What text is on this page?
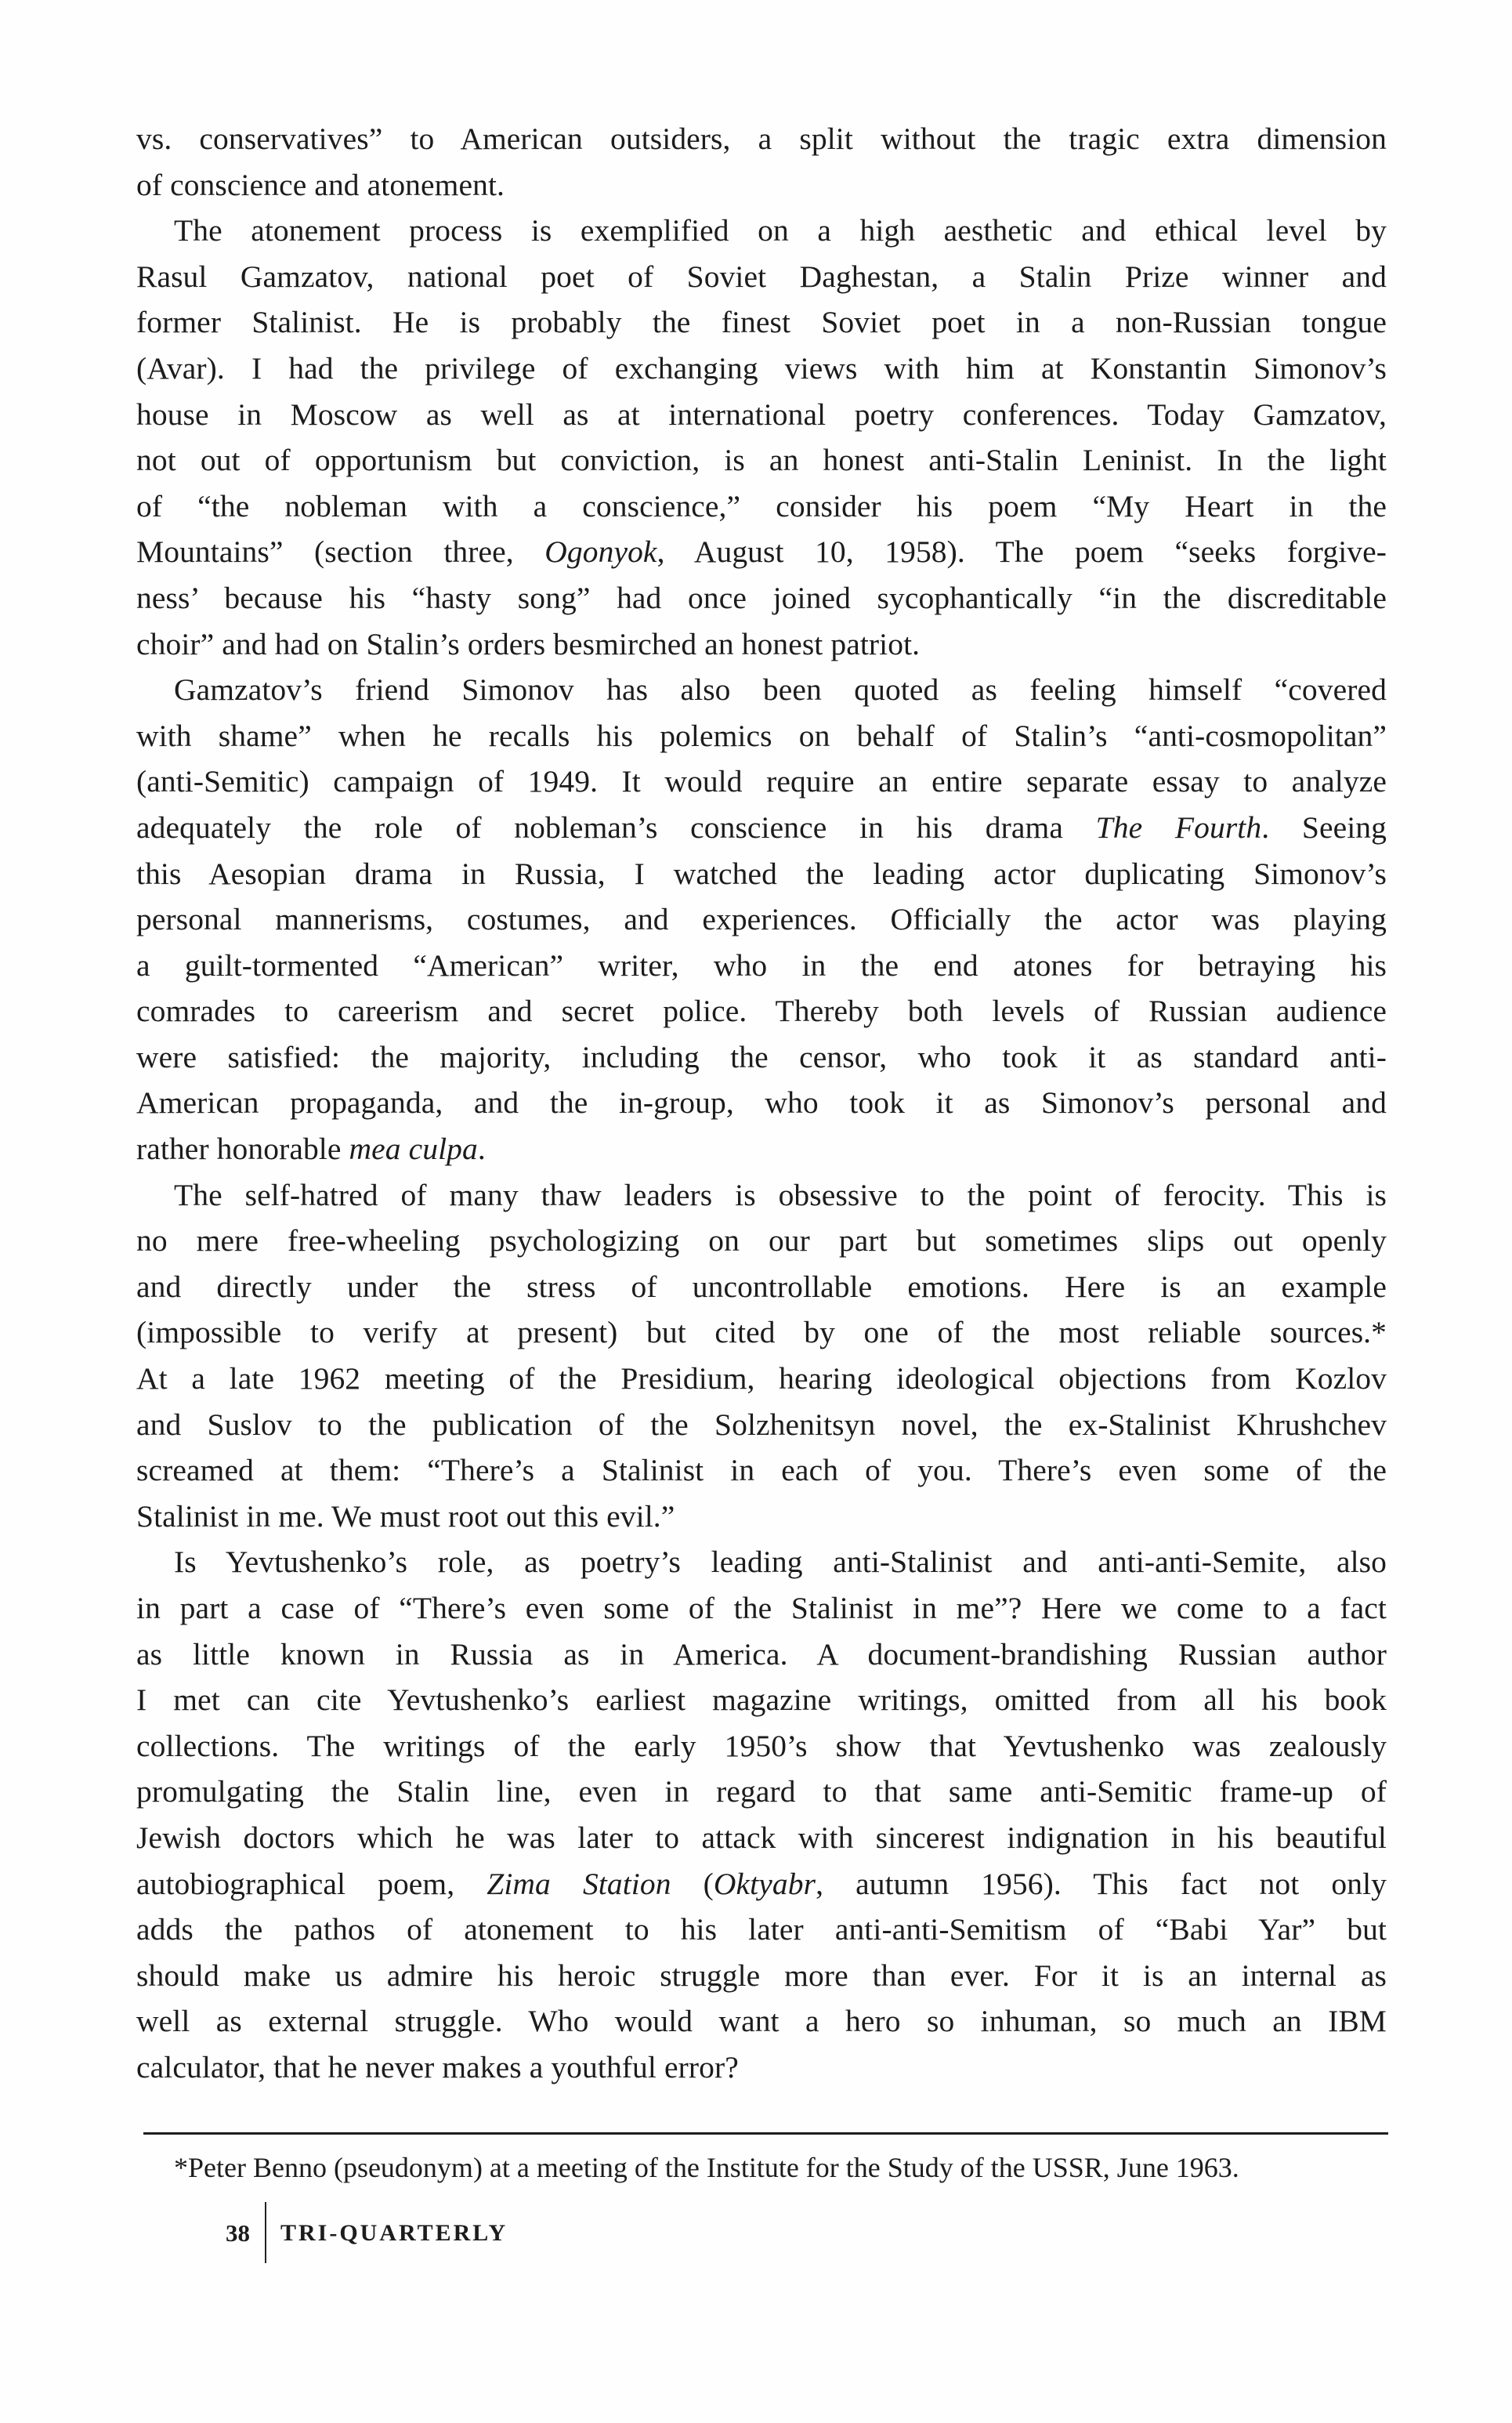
vs. conservatives” to American outsiders, a split without the tragic extra dimension
of conscience and atonement.
The atonement process is exemplified on a high aesthetic and ethical level by
Rasul Gamzatov, national poet of Soviet Daghestan, a Stalin Prize winner and
former Stalinist. He is probably the finest Soviet poet in a non-Russian tongue
(Avar). I had the privilege of exchanging views with him at Konstantin Simonov’s
house in Moscow as well as at international poetry conferences. Today Gamzatov,
not out of opportunism but conviction, is an honest anti-Stalin Leninist. In the light
of “the nobleman with a conscience,” consider his poem “My Heart in the
Mountains” (section three, Ogonyok, August 10, 1958). The poem “seeks forgive-
ness’ because his “hasty song” had once joined sycophantically “in the discreditable
choir” and had on Stalin’s orders besmirched an honest patriot.
Gamzatov’s friend Simonov has also been quoted as feeling himself “covered
with shame” when he recalls his polemics on behalf of Stalin’s “anti-cosmopolitan”
(anti-Semitic) campaign of 1949. It would require an entire separate essay to analyze
adequately the role of nobleman’s conscience in his drama The Fourth. Seeing
this Aesopian drama in Russia, I watched the leading actor duplicating Simonov’s
personal mannerisms, costumes, and experiences. Officially the actor was playing
a guilt-tormented “American” writer, who in the end atones for betraying his
comrades to careerism and secret police. Thereby both levels of Russian audience
were satisfied: the majority, including the censor, who took it as standard anti-
American propaganda, and the in-group, who took it as Simonov’s personal and
rather honorable mea culpa.
The self-hatred of many thaw leaders is obsessive to the point of ferocity. This is
no mere free-wheeling psychologizing on our part but sometimes slips out openly
and directly under the stress of uncontrollable emotions. Here is an example
(impossible to verify at present) but cited by one of the most reliable sources.*
At a late 1962 meeting of the Presidium, hearing ideological objections from Kozlov
and Suslov to the publication of the Solzhenitsyn novel, the ex-Stalinist Khrushchev
screamed at them: “There’s a Stalinist in each of you. There’s even some of the
Stalinist in me. We must root out this evil.”
Is Yevtushenko’s role, as poetry’s leading anti-Stalinist and anti-anti-Semite, also
in part a case of “There’s even some of the Stalinist in me”? Here we come to a fact
as little known in Russia as in America. A document-brandishing Russian author
I met can cite Yevtushenko’s earliest magazine writings, omitted from all his book
collections. The writings of the early 1950’s show that Yevtushenko was zealously
promulgating the Stalin line, even in regard to that same anti-Semitic frame-up of
Jewish doctors which he was later to attack with sincerest indignation in his beautiful
autobiographical poem, Zima Station (Oktyabr, autumn 1956). This fact not only
adds the pathos of atonement to his later anti-anti-Semitism of “Babi Yar” but
should make us admire his heroic struggle more than ever. For it is an internal as
well as external struggle. Who would want a hero so inhuman, so much an IBM
calculator, that he never makes a youthful error?
*Peter Benno (pseudonym) at a meeting of the Institute for the Study of the USSR, June 1963.
38 TRI-QUARTERLY
